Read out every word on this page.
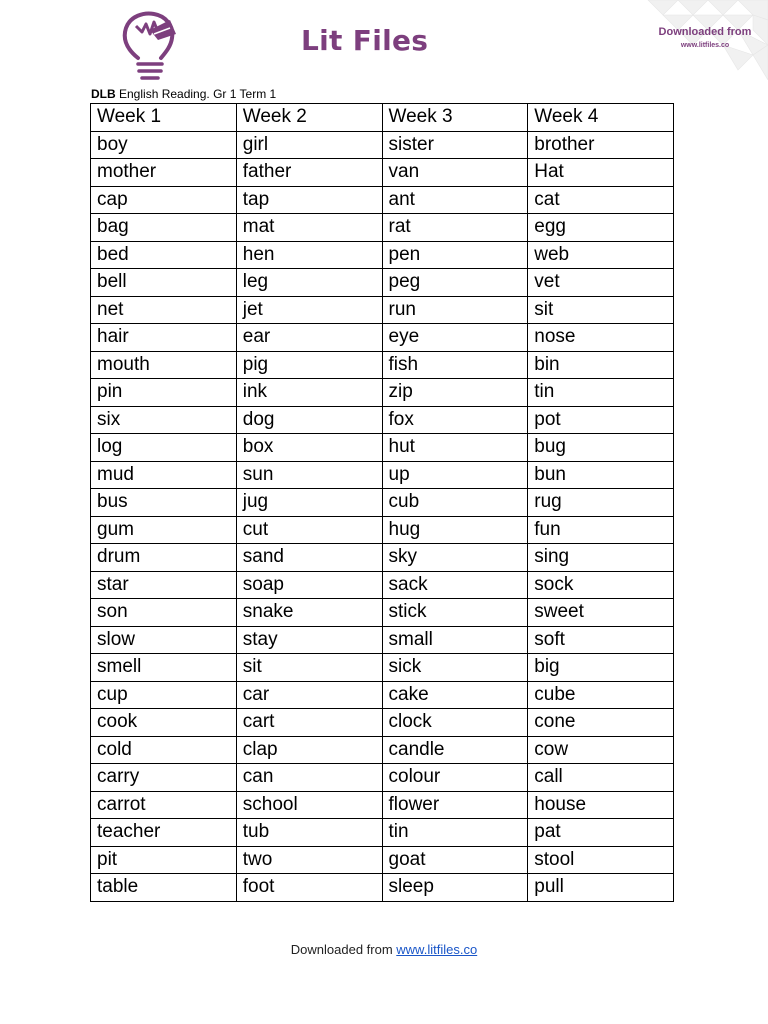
Lit Files	Downloaded from
www.litfiles.co
DLB English Reading. Gr 1 Term 1
Week 1	Week 2	Week 3	Week 4
boy	girl	sister	brother
mother	father	van	Hat
cap	tap	ant	cat
bag	mat	rat	egg
bed	hen	pen	web
bell	leg	peg	vet
net	jet	run	sit
hair	ear	eye	nose
mouth	pig	fish	bin
pin	ink	zip	tin
six	dog	fox	pot
log	box	hut	bug
mud	sun	up	bun
bus	jug	cub	rug
gum	cut	hug	fun
drum	sand	sky	sing
star	soap	sack	sock
son	snake	stick	sweet
slow	stay	small	soft
smell	sit	sick	big
cup	car	cake	cube
cook	cart	clock	cone
cold	clap	candle	cow
carry	can	colour	call
carrot	school	flower	house
teacher	tub	tin	pat
pit	two	goat	stool
table	foot	sleep	pull
Downloaded from www.litfiles.co
